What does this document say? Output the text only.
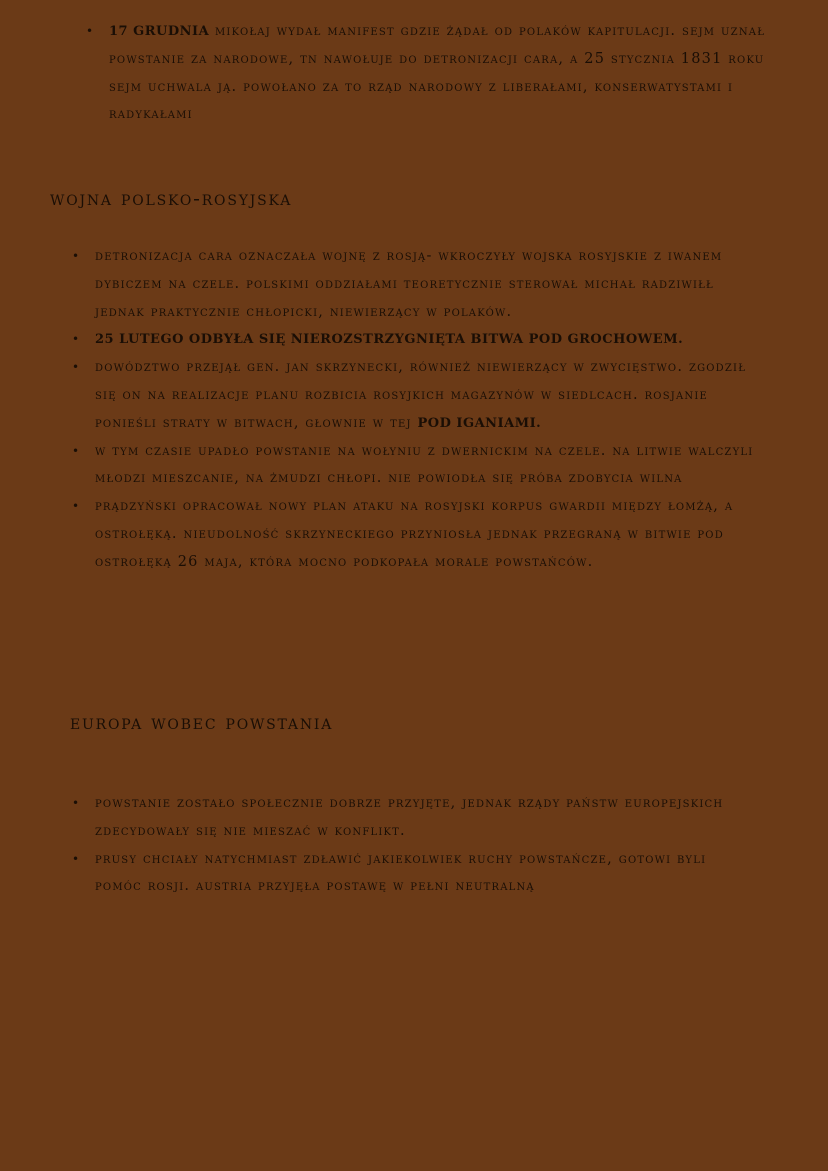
• 17 GRUDNIA mikołaj wydał manifest gdzie żądał od polaków kapitulacji. sejm uznał powstanie za narodowe, tn nawołuje do detronizacji cara, a 25 stycznia 1831 roku sejm uchwala ją. powołano za to rząd narodowy z liberałami, konserwatystami i radykałami
wojna polsko-rosyjska
• detronizacja cara oznaczała wojnę z rosją- wkroczyły wojska rosyjskie z iwanem dybiczem na czele. polskimi oddziałami teoretycznie sterował michał radziwiłł jednak praktycznie chłopicki, niewierzący w polaków.
• 25 LUTEGO ODBYŁA SIĘ NIEROZSTRZYGNIĘTA BITWA POD GROCHOWEM.
• dowództwo przejął gen. jan skrzynecki, również niewierzący w zwycięstwo. zgodził się on na realizacje planu rozbicia rosyjkich magazynów w siedlcach. rosjanie ponieśli straty w bitwach, głownie w tej POD IGANIAMI.
• w tym czasie upadło powstanie na wołyniu z dwernickim na czele. na litwie walczyli młodzi mieszcanie, na żmudzi chłopi. nie powiodła się próba zdobycia wilna
• prądzyński opracował nowy plan ataku na rosyjski korpus gwardii między łomżą, a ostrołęką. nieudolność skrzyneckiego przyniosła jednak przegraną w bitwie pod ostrołęką 26 maja, która mocno podkopała morale powstańców.
europa wobec powstania
• powstanie zostało społecznie dobrze przyjęte, jednak rządy państw europejskich zdecydowały się nie mieszać w konflikt.
• prusy chciały natychmiast zdławić jakiekolwiek ruchy powstańcze, gotowi byli pomóc rosji. austria przyjęła postawę w pełni neutralną
